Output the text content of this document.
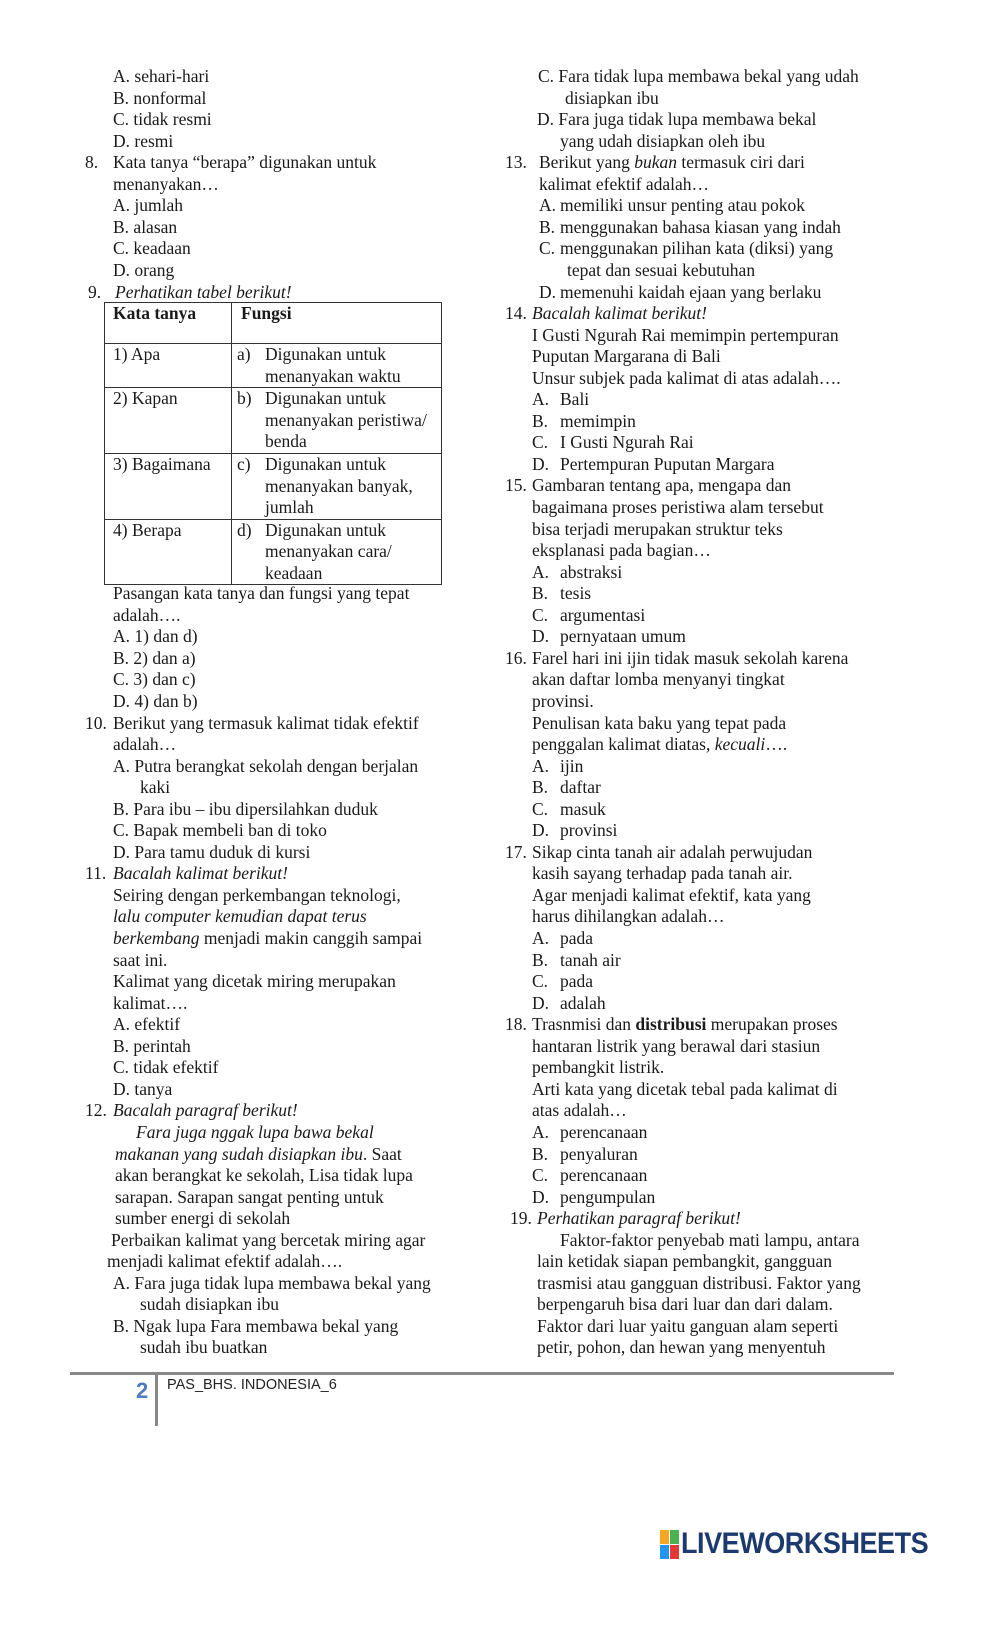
A. sehari-hari
B. nonformal
C. tidak resmi
D. resmi
8. Kata tanya “berapa” digunakan untuk
menanyakan…
A. jumlah
B. alasan
C. keadaan
D. orang
9. Perhatikan tabel berikut!
Kata tanya	Fungsi
1) Apa	a) Digunakan untuk
menanyakan waktu

2) Kapan	b) Digunakan untuk
menanyakan peristiwa/
benda

3) Bagaimana	c) Digunakan untuk
menanyakan banyak,
jumlah

4) Berapa	d) Digunakan untuk
menanyakan cara/
keadaan
Pasangan kata tanya dan fungsi yang tepat
adalah….
A. 1) dan d)
B. 2) dan a)
C. 3) dan c)
D. 4) dan b)
10. Berikut yang termasuk kalimat tidak efektif
adalah…
A. Putra berangkat sekolah dengan berjalan
kaki
B. Para ibu – ibu dipersilahkan duduk
C. Bapak membeli ban di toko
D. Para tamu duduk di kursi
11. Bacalah kalimat berikut!
Seiring dengan perkembangan teknologi,
lalu computer kemudian dapat terus
berkembang menjadi makin canggih sampai
saat ini.
Kalimat yang dicetak miring merupakan
kalimat….
A. efektif
B. perintah
C. tidak efektif
D. tanya
12. Bacalah paragraf berikut!
Fara juga nggak lupa bawa bekal
makanan yang sudah disiapkan ibu. Saat
akan berangkat ke sekolah, Lisa tidak lupa
sarapan. Sarapan sangat penting untuk
sumber energi di sekolah
Perbaikan kalimat yang bercetak miring agar
menjadi kalimat efektif adalah….
A. Fara juga tidak lupa membawa bekal yang
sudah disiapkan ibu
B. Ngak lupa Fara membawa bekal yang
sudah ibu buatkan
C. Fara tidak lupa membawa bekal yang udah
disiapkan ibu
D. Fara juga tidak lupa membawa bekal
yang udah disiapkan oleh ibu
13. Berikut yang bukan termasuk ciri dari
kalimat efektif adalah…
A. memiliki unsur penting atau pokok
B. menggunakan bahasa kiasan yang indah
C. menggunakan pilihan kata (diksi) yang
tepat dan sesuai kebutuhan
D. memenuhi kaidah ejaan yang berlaku
14. Bacalah kalimat berikut!
I Gusti Ngurah Rai memimpin pertempuran
Puputan Margarana di Bali
Unsur subjek pada kalimat di atas adalah….
A. Bali
B. memimpin
C. I Gusti Ngurah Rai
D. Pertempuran Puputan Margara
15. Gambaran tentang apa, mengapa dan
bagaimana proses peristiwa alam tersebut
bisa terjadi merupakan struktur teks
eksplanasi pada bagian…
A. abstraksi
B. tesis
C. argumentasi
D. pernyataan umum
16. Farel hari ini ijin tidak masuk sekolah karena
akan daftar lomba menyanyi tingkat
provinsi.
Penulisan kata baku yang tepat pada
penggalan kalimat diatas, kecuali….
A. ijin
B. daftar
C. masuk
D. provinsi
17. Sikap cinta tanah air adalah perwujudan
kasih sayang terhadap pada tanah air.
Agar menjadi kalimat efektif, kata yang
harus dihilangkan adalah…
A. pada
B. tanah air
C. pada
D. adalah
18. Trasnmisi dan distribusi merupakan proses
hantaran listrik yang berawal dari stasiun
pembangkit listrik.
Arti kata yang dicetak tebal pada kalimat di
atas adalah…
A. perencanaan
B. penyaluran
C. perencanaan
D. pengumpulan
19. Perhatikan paragraf berikut!
Faktor-faktor penyebab mati lampu, antara
lain ketidak siapan pembangkit, gangguan
trasmisi atau gangguan distribusi. Faktor yang
berpengaruh bisa dari luar dan dari dalam.
Faktor dari luar yaitu ganguan alam seperti
petir, pohon, dan hewan yang menyentuh
2 PAS_BHS. INDONESIA_6
LIVEWORKSHEETS
